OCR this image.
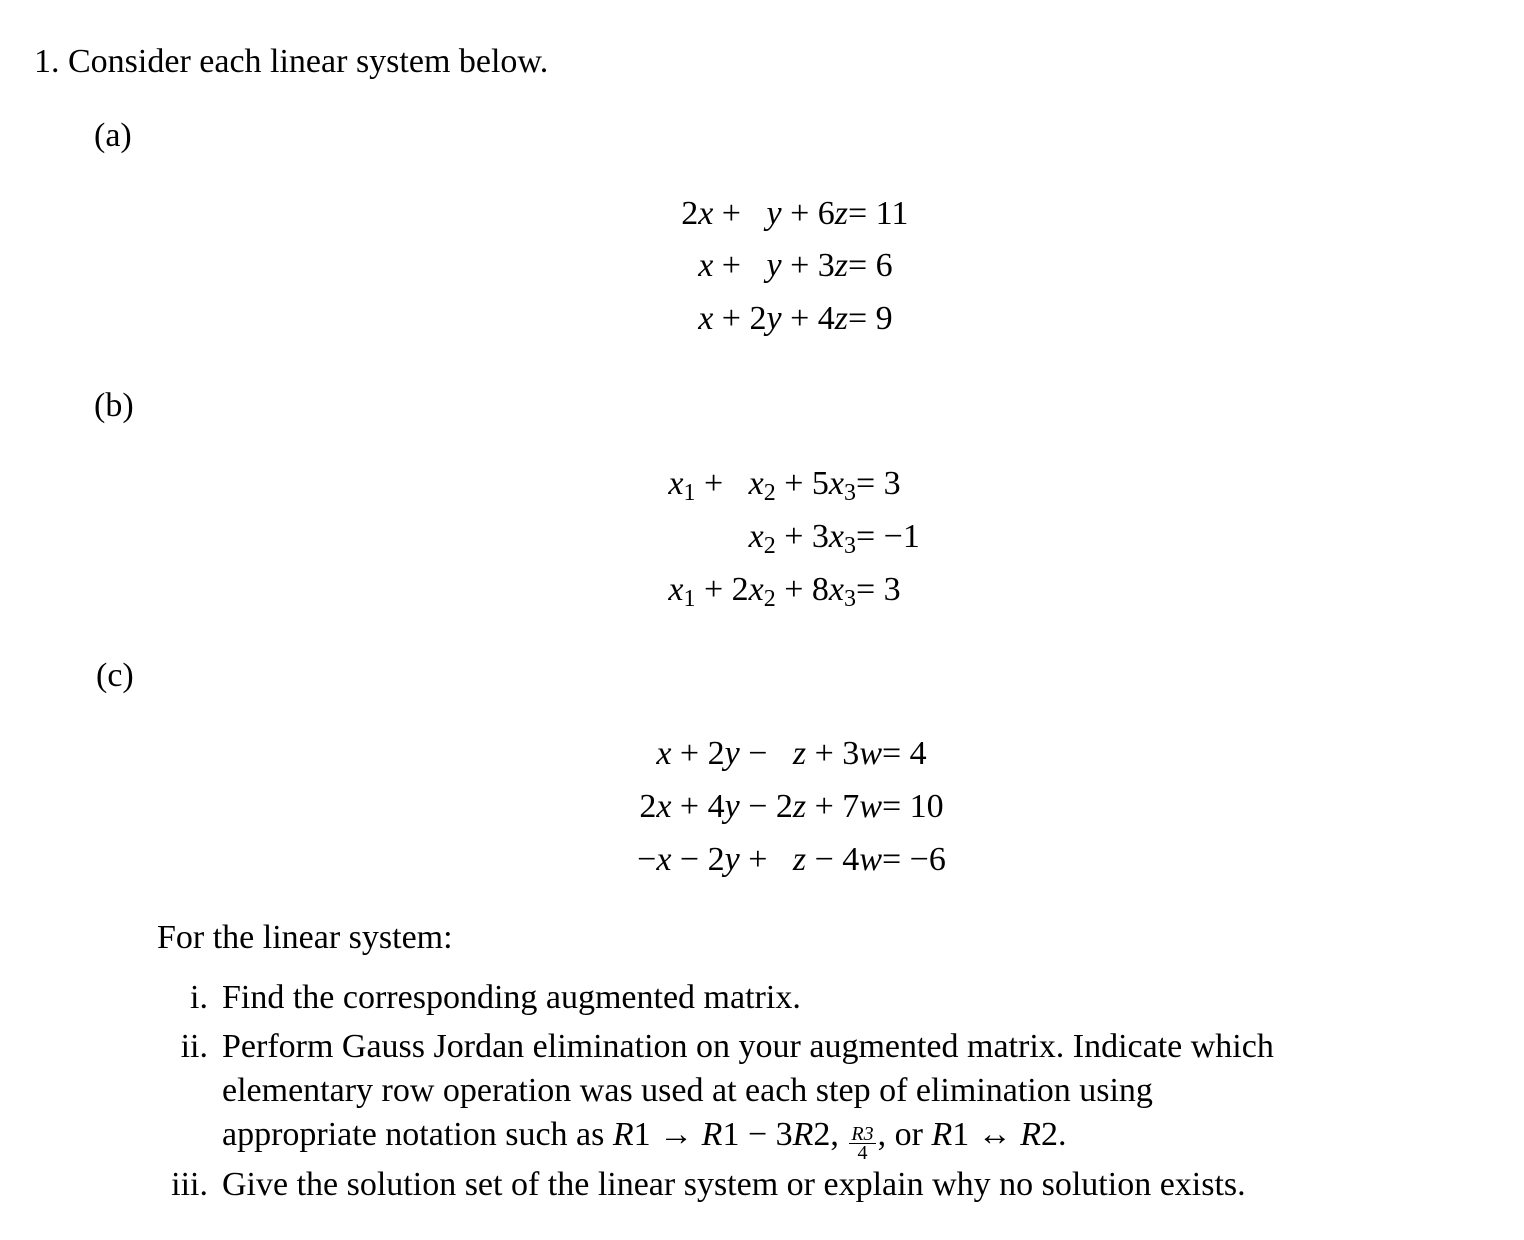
1. Consider each linear system below.
(a)
2x +   y + 6z = 11
x +   y + 3z = 6
x + 2y + 4z = 9
(b)
$x_1 + x_2 + 5x_3 = 3$
$x_2 + 3x_3 = -1$
$x_1 + 2x_2 + 8x_3 = 3$
(c)
x + 2y −   z + 3w = 4
2x + 4y − 2z + 7w = 10
−x − 2y +   z − 4w = −6
For the linear system:
i. Find the corresponding augmented matrix.
ii. Perform Gauss Jordan elimination on your augmented matrix. Indicate which
elementary row operation was used at each step of elimination using
appropriate notation such as R1 → R1 − 3R2, $\frac{R3}{4}$ , or R1 ↔ R2.
iii. Give the solution set of the linear system or explain why no solution exists.
